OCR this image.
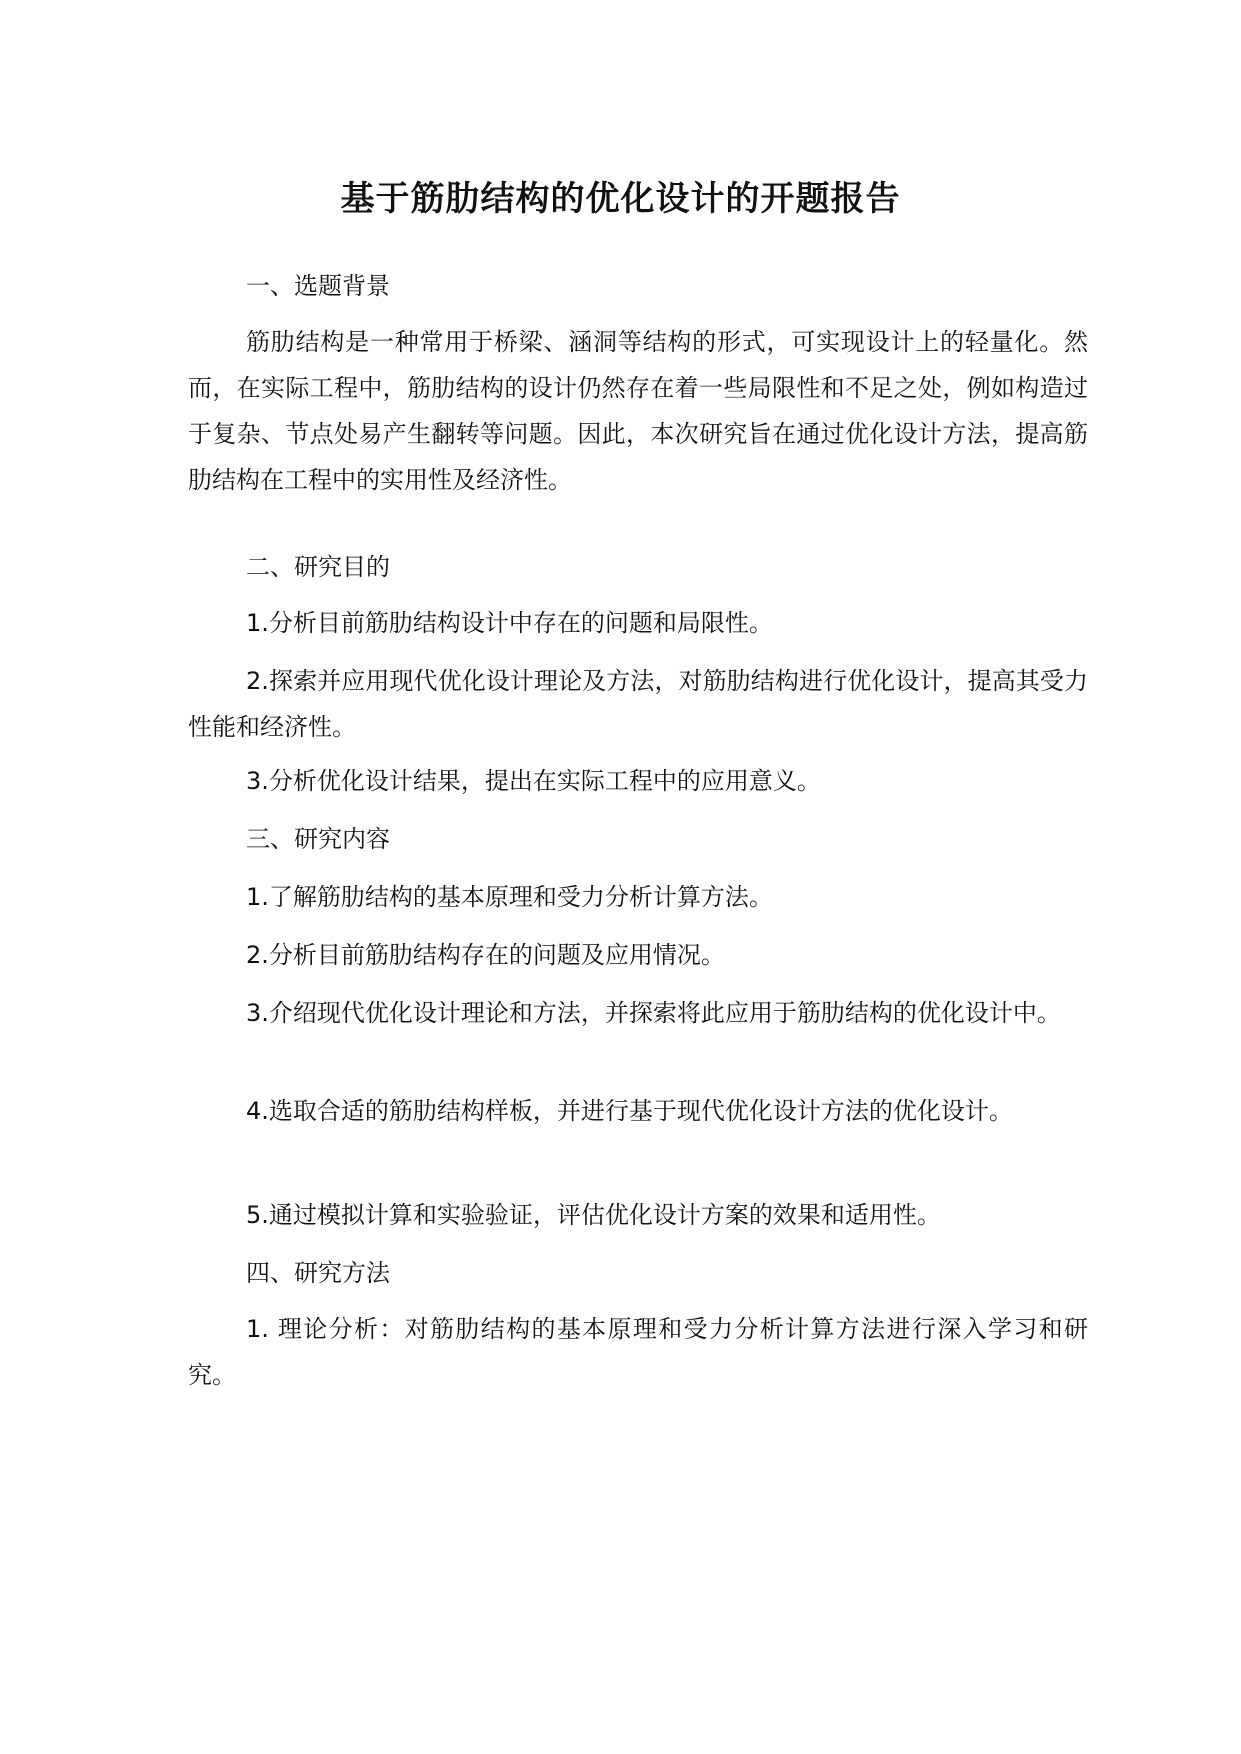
基于筋肋结构的优化设计的开题报告

一、选题背景

筋肋结构是一种常用于桥梁、涵洞等结构的形式，可实现设计上的轻量化。然而，在实际工程中，筋肋结构的设计仍然存在着一些局限性和不足之处，例如构造过于复杂、节点处易产生翻转等问题。因此，本次研究旨在通过优化设计方法，提高筋肋结构在工程中的实用性及经济性。

二、研究目的

1.分析目前筋肋结构设计中存在的问题和局限性。

2.探索并应用现代优化设计理论及方法，对筋肋结构进行优化设计，提高其受力性能和经济性。

3.分析优化设计结果，提出在实际工程中的应用意义。

三、研究内容

1.了解筋肋结构的基本原理和受力分析计算方法。

2.分析目前筋肋结构存在的问题及应用情况。

3.介绍现代优化设计理论和方法，并探索将此应用于筋肋结构的优化设计中。

4.选取合适的筋肋结构样板，并进行基于现代优化设计方法的优化设计。

5.通过模拟计算和实验验证，评估优化设计方案的效果和适用性。

四、研究方法

1. 理论分析：对筋肋结构的基本原理和受力分析计算方法进行深入学习和研究。
